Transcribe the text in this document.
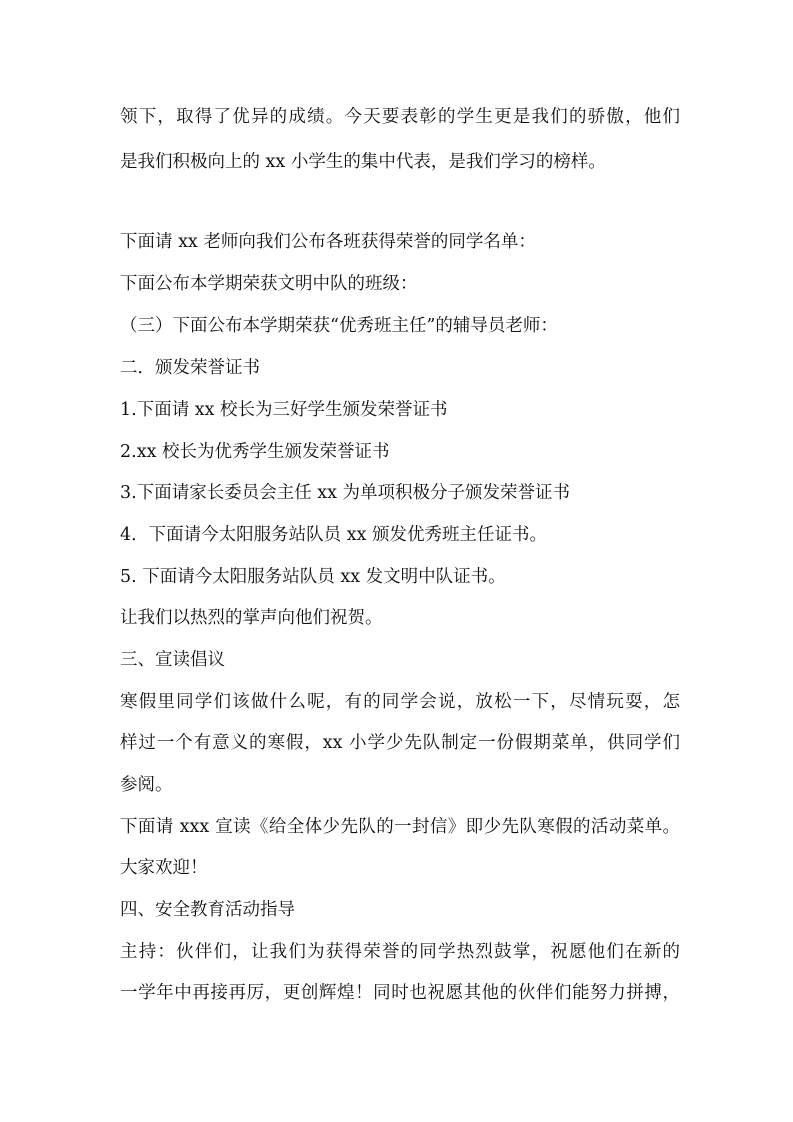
领下，取得了优异的成绩。今天要表彰的学生更是我们的骄傲，他们
是我们积极向上的 xx 小学生的集中代表，是我们学习的榜样。
下面请 xx 老师向我们公布各班获得荣誉的同学名单：
下面公布本学期荣获文明中队的班级：
（三）下面公布本学期荣获“优秀班主任”的辅导员老师：
二．颁发荣誉证书
1.下面请 xx 校长为三好学生颁发荣誉证书
2.xx 校长为优秀学生颁发荣誉证书
3.下面请家长委员会主任 xx 为单项积极分子颁发荣誉证书
4．下面请今太阳服务站队员 xx 颁发优秀班主任证书。
5. 下面请今太阳服务站队员 xx 发文明中队证书。
让我们以热烈的掌声向他们祝贺。
三、宣读倡议
寒假里同学们该做什么呢，有的同学会说，放松一下，尽情玩耍，怎
样过一个有意义的寒假，xx 小学少先队制定一份假期菜单，供同学们
参阅。
下面请 xxx 宣读《给全体少先队的一封信》即少先队寒假的活动菜单。
大家欢迎！
四、安全教育活动指导
主持：伙伴们，让我们为获得荣誉的同学热烈鼓掌，祝愿他们在新的
一学年中再接再厉，更创辉煌！同时也祝愿其他的伙伴们能努力拼搏，
